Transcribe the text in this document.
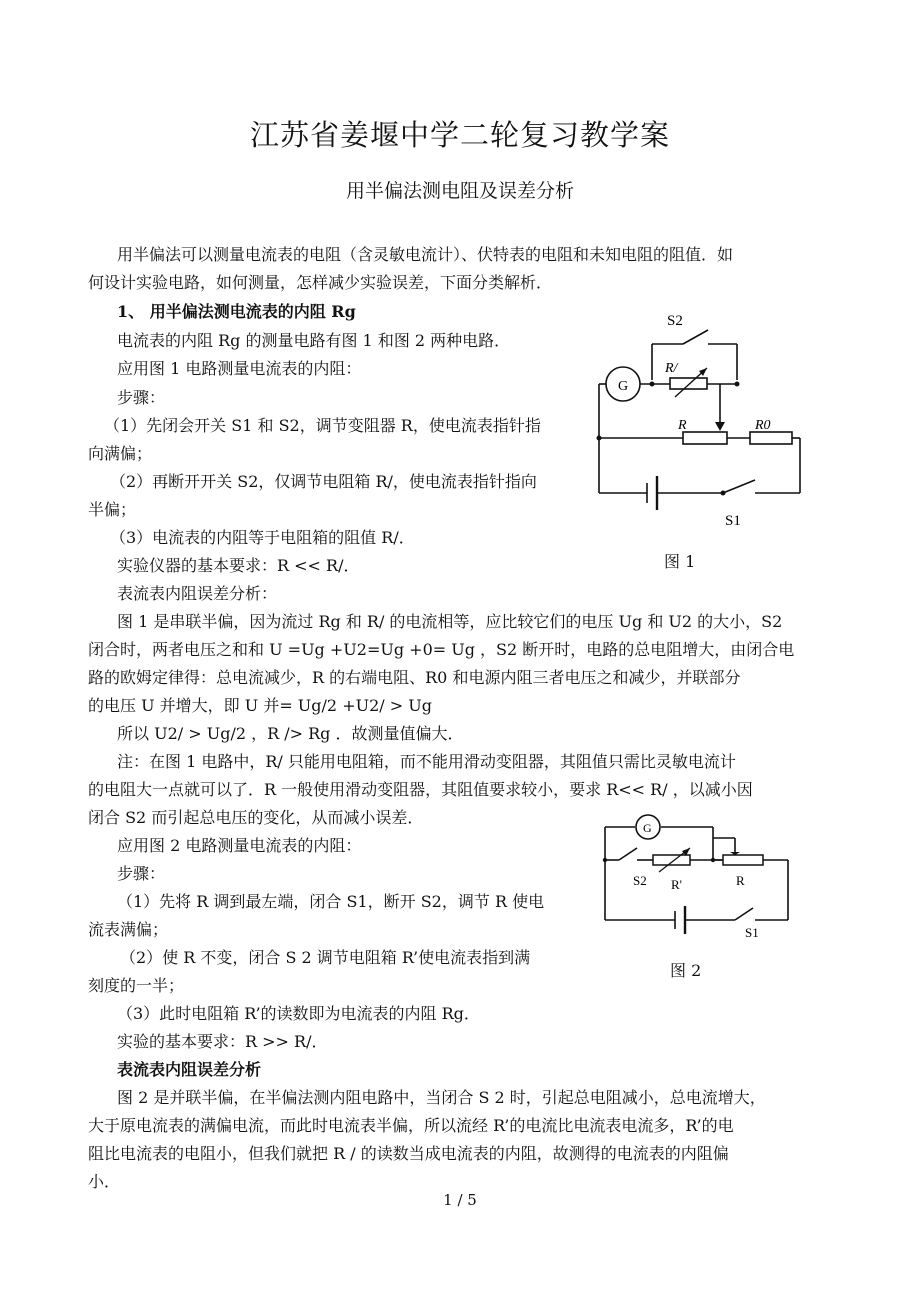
江苏省姜堰中学二轮复习教学案
用半偏法测电阻及误差分析
用半偏法可以测量电流表的电阻（含灵敏电流计）、伏特表的电阻和未知电阻的阻值．如
何设计实验电路，如何测量，怎样减少实验误差，下面分类解析．
1、 用半偏法测电流表的内阻 Rg
电流表的内阻 Rg 的测量电路有图 1 和图 2 两种电路．
应用图 1 电路测量电流表的内阻：
步骤：
（1）先闭会开关 S1 和 S2，调节变阻器 R，使电流表指针指
向满偏；
（2）再断开开关 S2，仅调节电阻箱 R/，使电流表指针指向
半偏；
（3）电流表的内阻等于电阻箱的阻值 R/．
实验仪器的基本要求：R << R/．
表流表内阻误差分析：
图 1 是串联半偏，因为流过 Rg 和 R/ 的电流相等，应比较它们的电压 Ug 和 U2 的大小，S2
闭合时，两者电压之和和 U =Ug +U2=Ug +0= Ug ，S2 断开时，电路的总电阻增大，由闭合电
路的欧姆定律得：总电流减少，R 的右端电阻、R0 和电源内阻三者电压之和减少，并联部分
的电压 U 并增大，即 U 并= Ug/2 +U2/ > Ug
所以 U2/ > Ug/2 ，R /> Rg ．故测量值偏大．
注：在图 1 电路中，R/ 只能用电阻箱，而不能用滑动变阻器，其阻值只需比灵敏电流计
的电阻大一点就可以了．R 一般使用滑动变阻器，其阻值要求较小，要求 R<< R/ ，以减小因
闭合 S2 而引起总电压的变化，从而减小误差．
应用图 2 电路测量电流表的内阻：
步骤：
（1）先将 R 调到最左端，闭合 S1，断开 S2，调节 R 使电
流表满偏；
（2）使 R 不变，闭合 S 2 调节电阻箱 R’使电流表指到满
刻度的一半；
（3）此时电阻箱 R’的读数即为电流表的内阻 Rg．
实验的基本要求：R >> R/．
表流表内阻误差分析
图 2 是并联半偏，在半偏法测内阻电路中，当闭合 S 2 时，引起总电阻减小，总电流增大，
大于原电流表的满偏电流，而此时电流表半偏，所以流经 R’的电流比电流表电流多，R’的电
阻比电流表的电阻小，但我们就把 R / 的读数当成电流表的内阻，故测得的电流表的内阻偏
小．
S2
G
R/
R	R0
S1
图 1
G
S2 R'	R
S1
图 2
1 / 5
